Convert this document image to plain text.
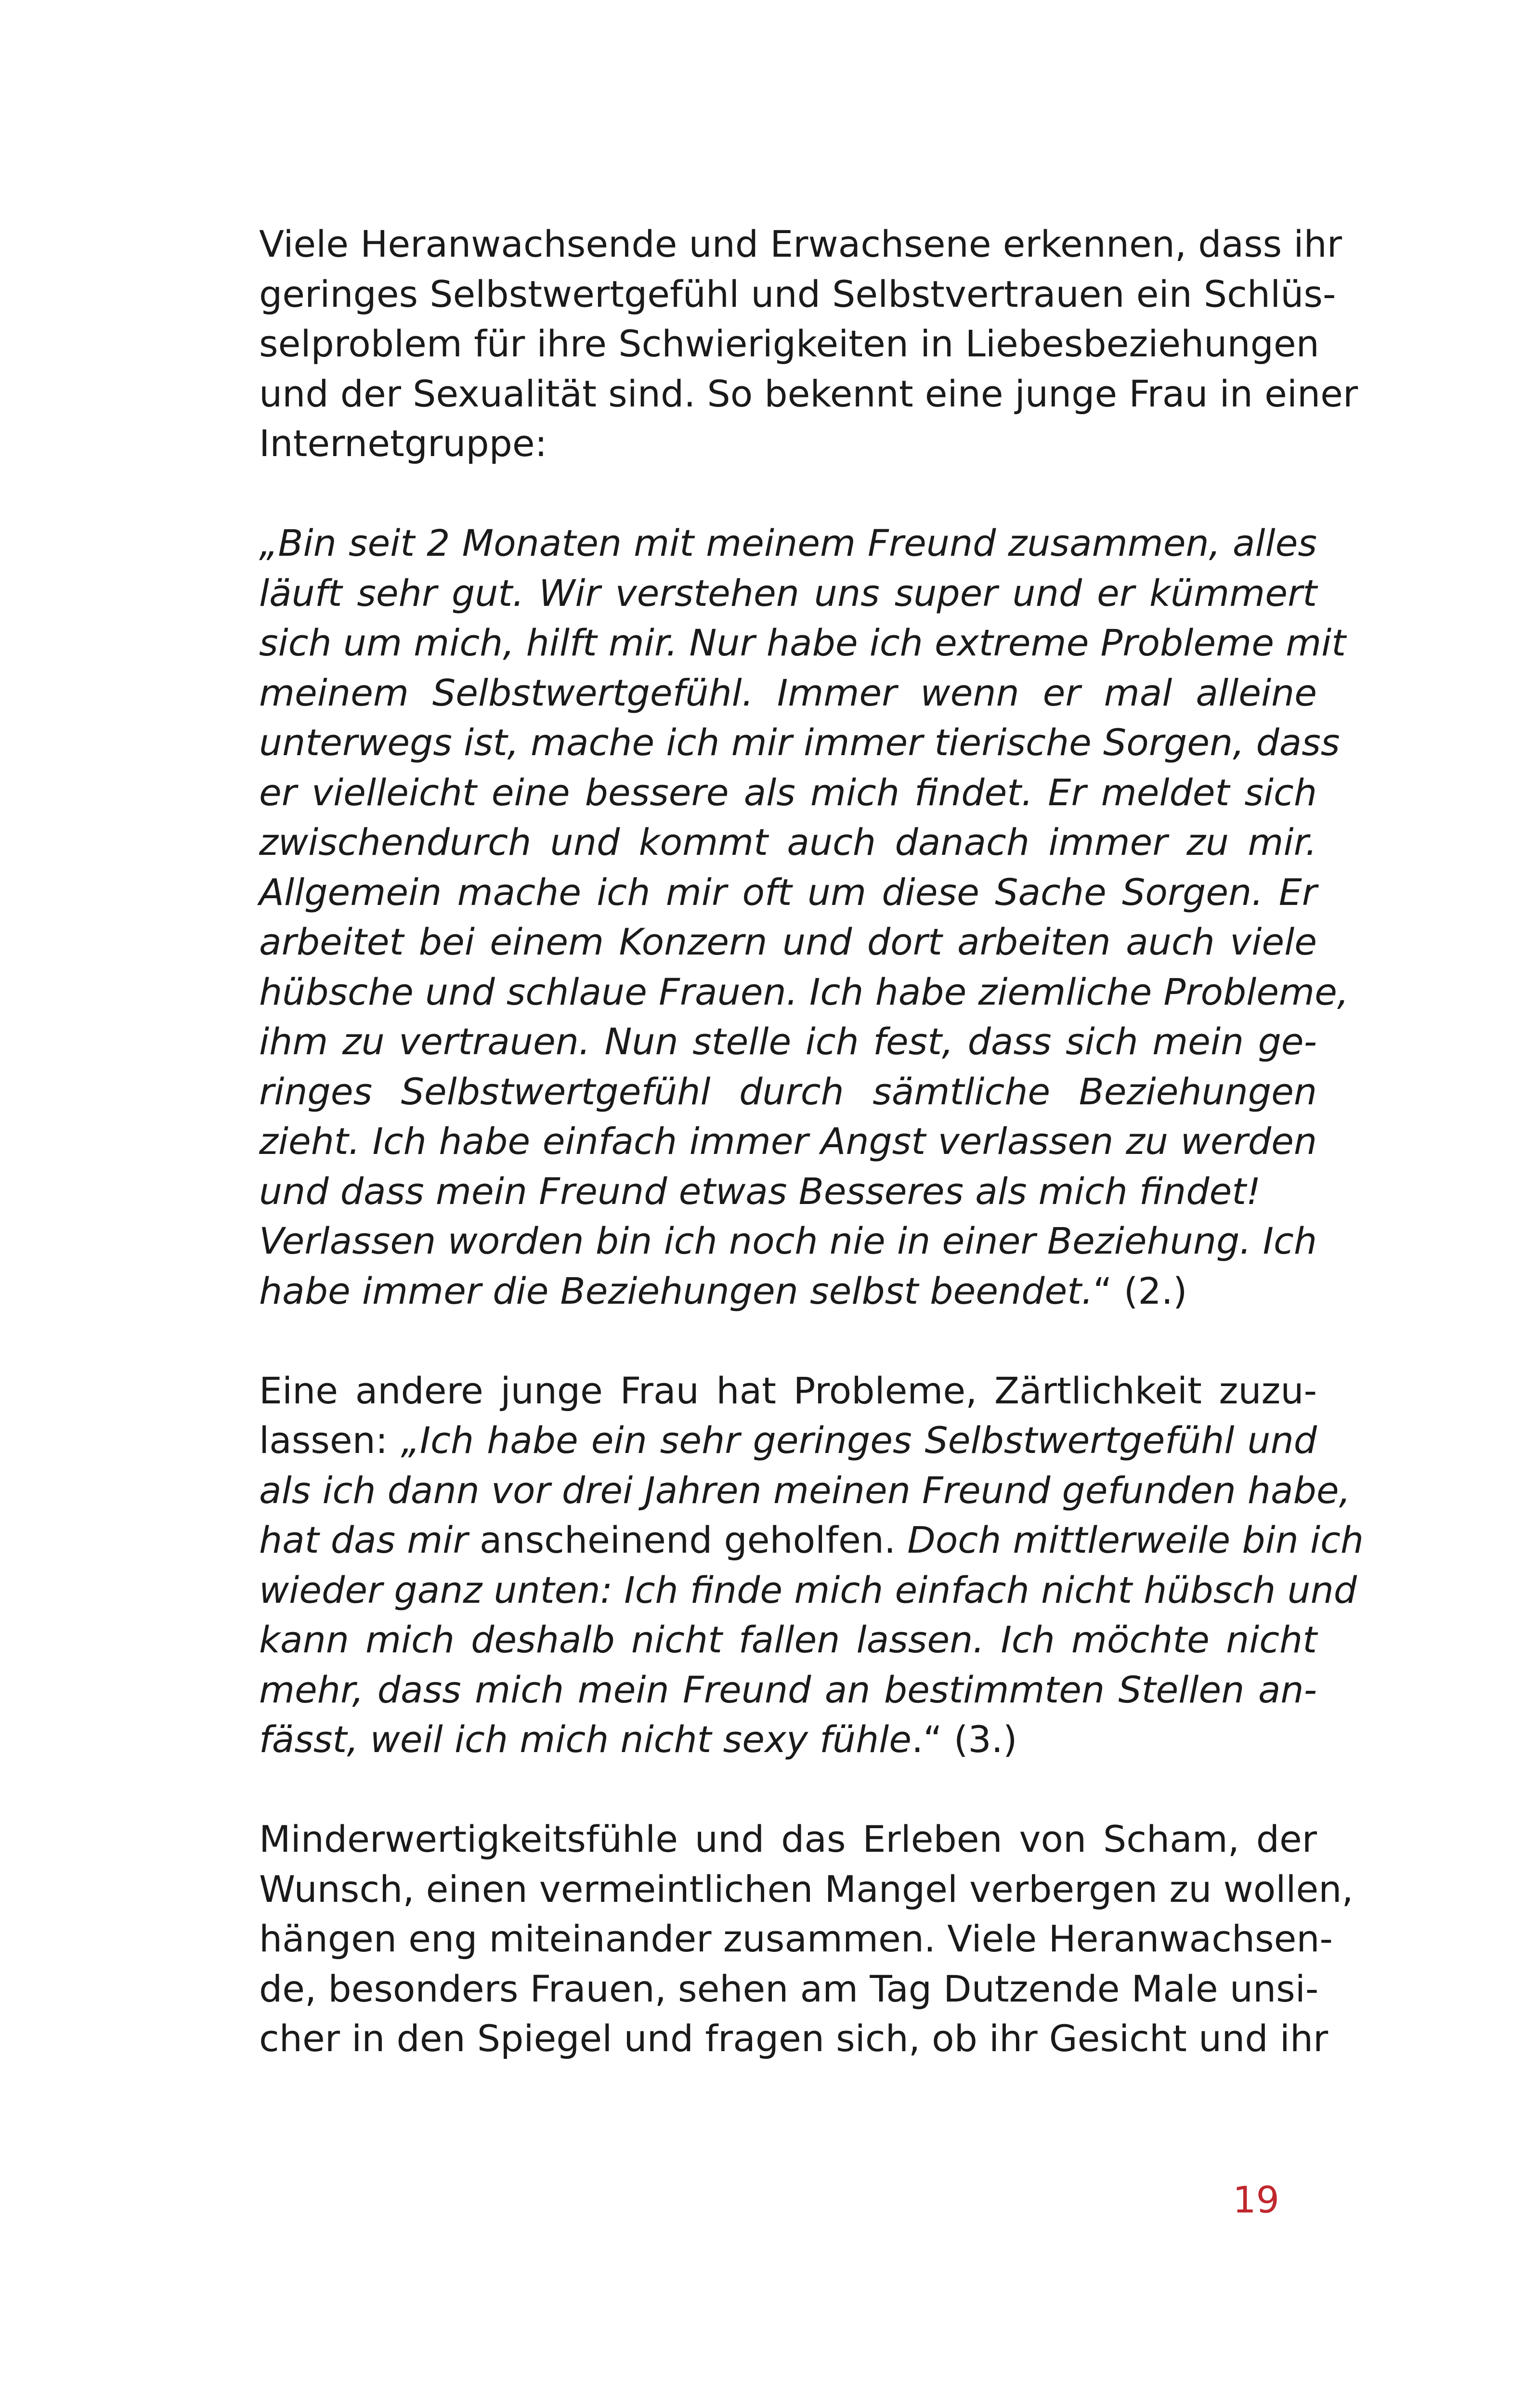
Viele Heranwachsende und Erwachsene erkennen, dass ihr
geringes Selbstwertgefühl und Selbstvertrauen ein Schlüs-
selproblem für ihre Schwierigkeiten in Liebesbeziehungen
und der Sexualität sind. So bekennt eine junge Frau in einer
Internetgruppe:
„Bin seit 2 Monaten mit meinem Freund zusammen, alles
läuft sehr gut. Wir verstehen uns super und er kümmert
sich um mich, hilft mir. Nur habe ich extreme Probleme mit
meinem Selbstwertgefühl. Immer wenn er mal alleine
unterwegs ist, mache ich mir immer tierische Sorgen, dass
er vielleicht eine bessere als mich findet. Er meldet sich
zwischendurch und kommt auch danach immer zu mir.
Allgemein mache ich mir oft um diese Sache Sorgen. Er
arbeitet bei einem Konzern und dort arbeiten auch viele
hübsche und schlaue Frauen. Ich habe ziemliche Probleme,
ihm zu vertrauen. Nun stelle ich fest, dass sich mein ge-
ringes Selbstwertgefühl durch sämtliche Beziehungen
zieht. Ich habe einfach immer Angst verlassen zu werden
und dass mein Freund etwas Besseres als mich findet!
Verlassen worden bin ich noch nie in einer Beziehung. Ich
habe immer die Beziehungen selbst beendet.“ (2.)
Eine andere junge Frau hat Probleme, Zärtlichkeit zuzu-
lassen: „Ich habe ein sehr geringes Selbstwertgefühl und
als ich dann vor drei Jahren meinen Freund gefunden habe,
hat das mir anscheinend geholfen. Doch mittlerweile bin ich
wieder ganz unten: Ich finde mich einfach nicht hübsch und
kann mich deshalb nicht fallen lassen. Ich möchte nicht
mehr, dass mich mein Freund an bestimmten Stellen an-
fässt, weil ich mich nicht sexy fühle.“ (3.)
Minderwertigkeitsfühle und das Erleben von Scham, der
Wunsch, einen vermeintlichen Mangel verbergen zu wollen,
hängen eng miteinander zusammen. Viele Heranwachsen-
de, besonders Frauen, sehen am Tag Dutzende Male unsi-
cher in den Spiegel und fragen sich, ob ihr Gesicht und ihr
19
